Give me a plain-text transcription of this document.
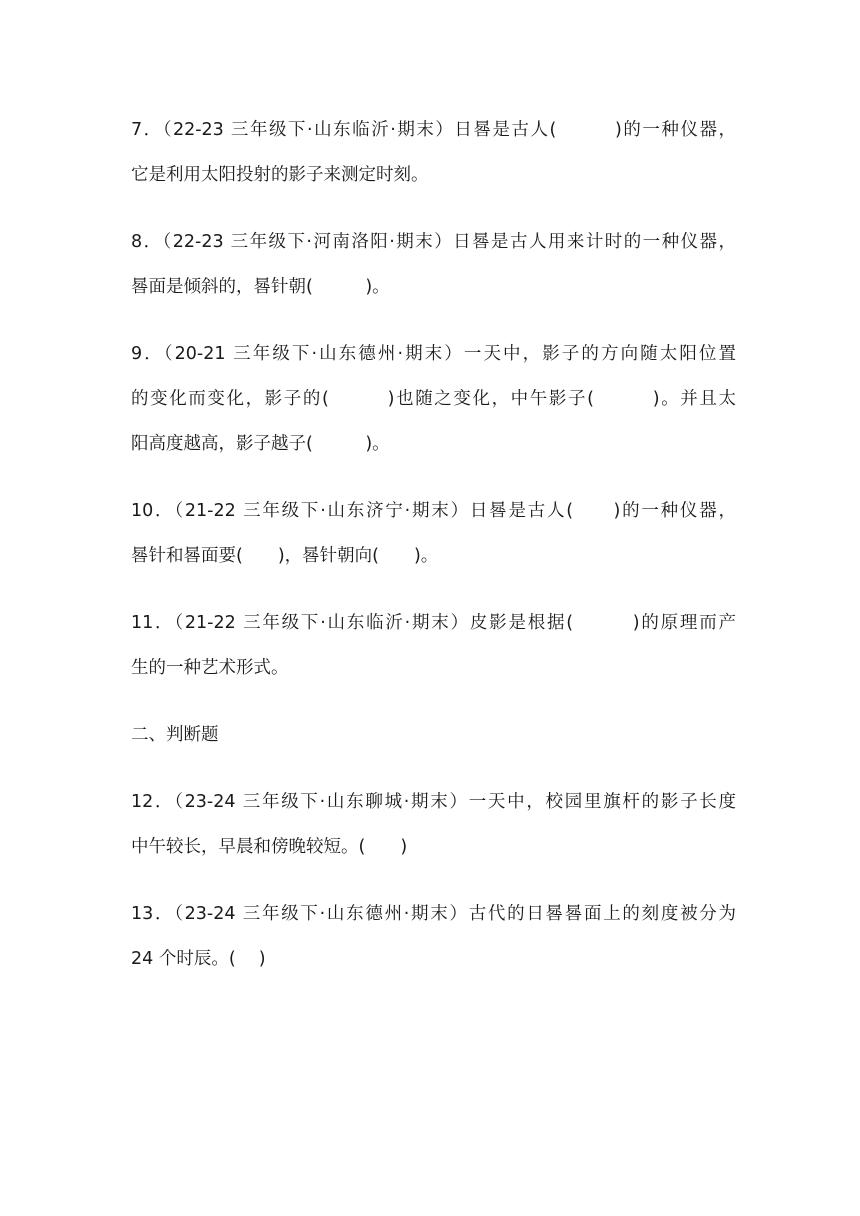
7．（22-23 三年级下·山东临沂·期末）日晷是古人(　　　)的一种仪器，
它是利用太阳投射的影子来测定时刻。
8．（22-23 三年级下·河南洛阳·期末）日晷是古人用来计时的一种仪器，
晷面是倾斜的，晷针朝(　　　)。
9．（20-21 三年级下·山东德州·期末）一天中，影子的方向随太阳位置
的变化而变化，影子的(　　　)也随之变化，中午影子(　　　)。并且太
阳高度越高，影子越子(　　　)。
10．（21-22 三年级下·山东济宁·期末）日晷是古人(　　)的一种仪器，
晷针和晷面要(　　)，晷针朝向(　　)。
11．（21-22 三年级下·山东临沂·期末）皮影是根据(　　　)的原理而产
生的一种艺术形式。
二、判断题
12．（23-24 三年级下·山东聊城·期末）一天中，校园里旗杆的影子长度
中午较长，早晨和傍晚较短。(　　)
13．（23-24 三年级下·山东德州·期末）古代的日晷晷面上的刻度被分为
24 个时辰。(　 )
